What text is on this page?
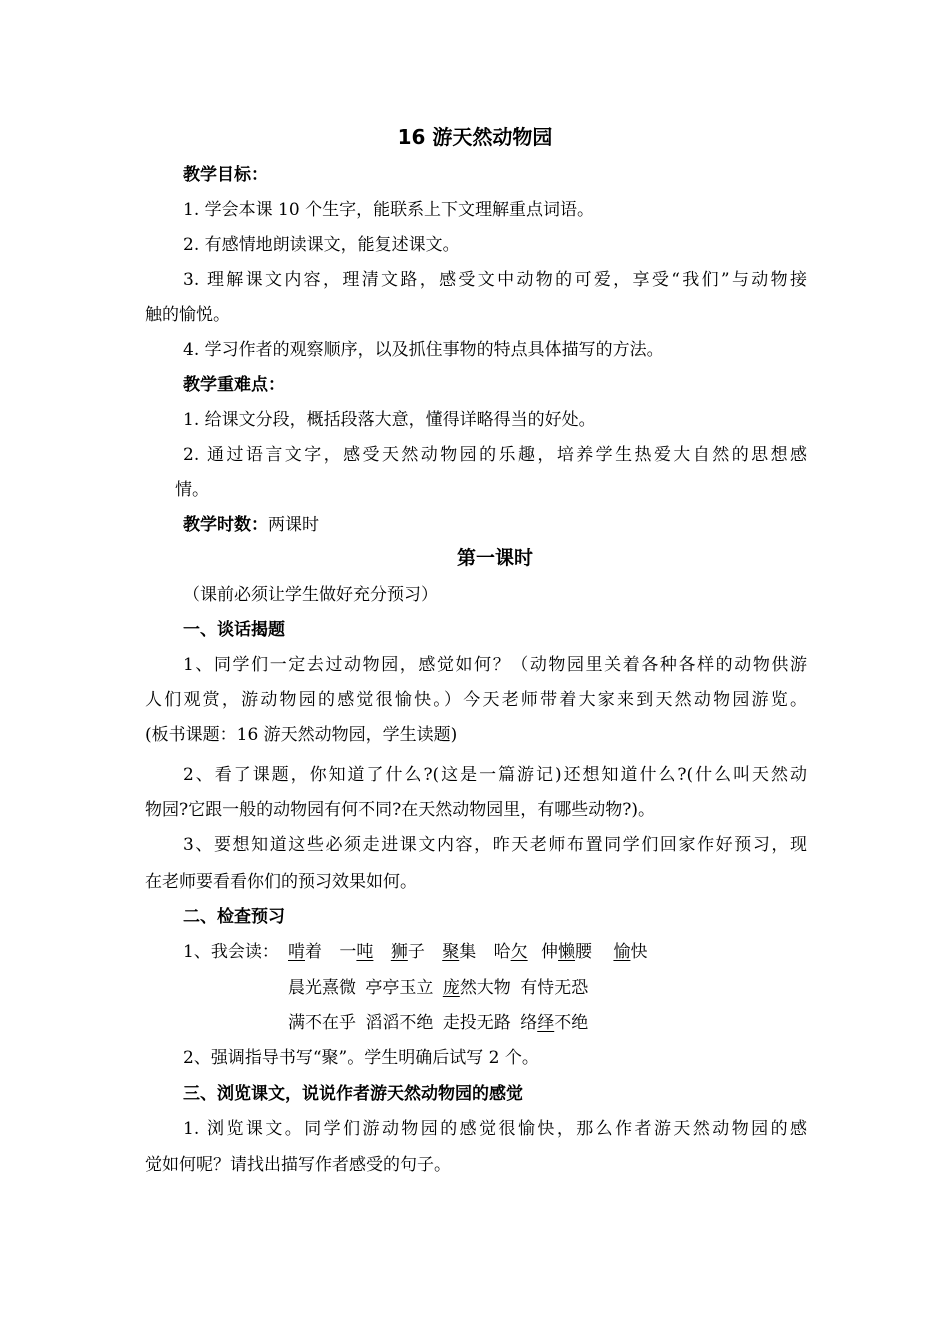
16 游天然动物园
教学目标：
1. 学会本课 10 个生字，能联系上下文理解重点词语。
2. 有感情地朗读课文，能复述课文。
3. 理解课文内容，理清文路，感受文中动物的可爱，享受“我们”与动物接
触的愉悦。
4. 学习作者的观察顺序，以及抓住事物的特点具体描写的方法。
教学重难点：
1. 给课文分段，概括段落大意，懂得详略得当的好处。
2. 通过语言文字，感受天然动物园的乐趣，培养学生热爱大自然的思想感
情。
教学时数：两课时
第一课时
（课前必须让学生做好充分预习）
一、谈话揭题
1、同学们一定去过动物园，感觉如何？（动物园里关着各种各样的动物供游
人们观赏，游动物园的感觉很愉快。）今天老师带着大家来到天然动物园游览。
(板书课题：16 游天然动物园，学生读题)
2、看了课题，你知道了什么?(这是一篇游记)还想知道什么?(什么叫天然动
物园?它跟一般的动物园有何不同?在天然动物园里，有哪些动物?)。
3、要想知道这些必须走进课文内容，昨天老师布置同学们回家作好预习，现
在老师要看看你们的预习效果如何。
二、检查预习
1、我会读： 啃着 一吨 狮子 聚集 哈欠 伸懒腰 愉快
晨光熹微 亭亭玉立 庞然大物 有恃无恐
满不在乎 滔滔不绝 走投无路 络绎不绝
2、强调指导书写“聚”。学生明确后试写 2 个。
三、浏览课文，说说作者游天然动物园的感觉
1. 浏览课文。同学们游动物园的感觉很愉快，那么作者游天然动物园的感
觉如何呢？请找出描写作者感受的句子。
